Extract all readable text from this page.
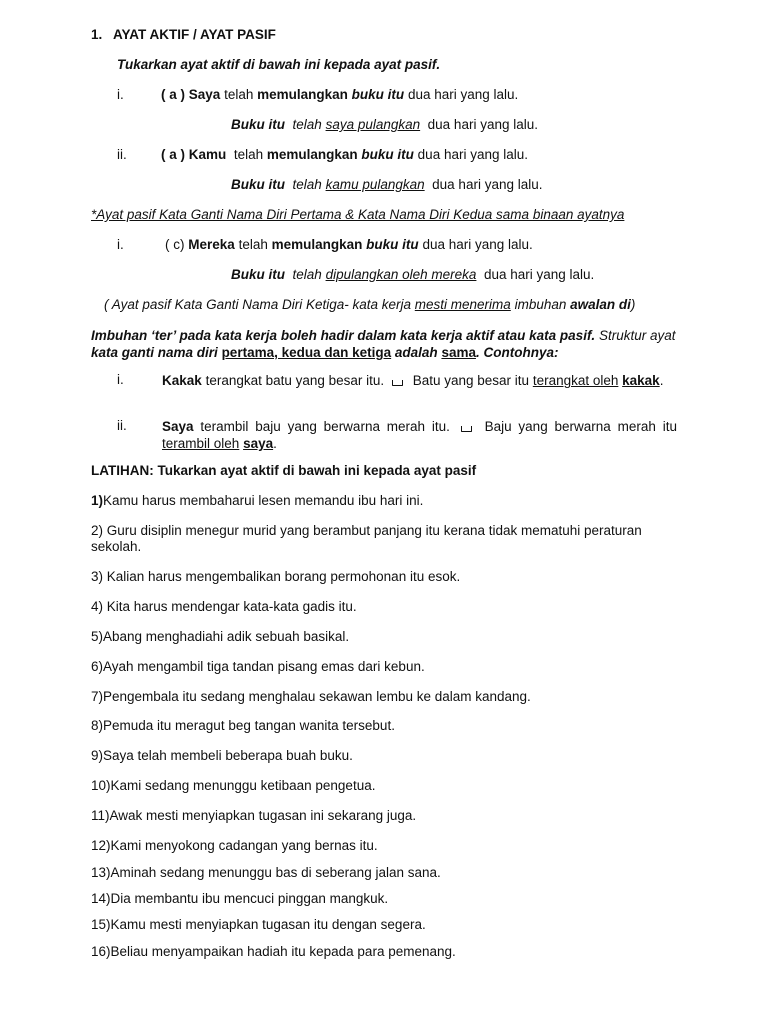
1. AYAT AKTIF / AYAT PASIF
Tukarkan ayat aktif di bawah ini kepada ayat pasif.
i.	( a ) Saya telah memulangkan buku itu dua hari yang lalu.
Buku itu telah saya pulangkan dua hari yang lalu.
ii.	( a ) Kamu telah memulangkan buku itu dua hari yang lalu.
Buku itu telah kamu pulangkan dua hari yang lalu.
*Ayat pasif Kata Ganti Nama Diri Pertama & Kata Nama Diri Kedua sama binaan ayatnya
i.	( c) Mereka telah memulangkan buku itu dua hari yang lalu.
Buku itu telah dipulangkan oleh mereka dua hari yang lalu.
( Ayat pasif Kata Ganti Nama Diri Ketiga- kata kerja mesti menerima imbuhan awalan di)
Imbuhan ‘ter’ pada kata kerja boleh hadir dalam kata kerja aktif atau kata pasif. Struktur ayat kata ganti nama diri pertama, kedua dan ketiga adalah sama. Contohnya:
i.	Kakak terangkat batu yang besar itu. Batu yang besar itu terangkat oleh kakak.
ii.	Saya terambil baju yang berwarna merah itu.	Baju yang berwarna merah itu terambil oleh saya.
LATIHAN: Tukarkan ayat aktif di bawah ini kepada ayat pasif
1)Kamu harus membaharui lesen memandu ibu hari ini.
2) Guru disiplin menegur murid yang berambut panjang itu kerana tidak mematuhi peraturan sekolah.
3) Kalian harus mengembalikan borang permohonan itu esok.
4) Kita harus mendengar kata-kata gadis itu.
5)Abang menghadiahi adik sebuah basikal.
6)Ayah mengambil tiga tandan pisang emas dari kebun.
7)Pengembala itu sedang menghalau sekawan lembu ke dalam kandang.
8)Pemuda itu meragut beg tangan wanita tersebut.
9)Saya telah membeli beberapa buah buku.
10)Kami sedang menunggu ketibaan pengetua.
11)Awak mesti menyiapkan tugasan ini sekarang juga.
12)Kami menyokong cadangan yang bernas itu.
13)Aminah sedang menunggu bas di seberang jalan sana.
14)Dia membantu ibu mencuci pinggan mangkuk.
15)Kamu mesti menyiapkan tugasan itu dengan segera.
16)Beliau menyampaikan hadiah itu kepada para pemenang.
